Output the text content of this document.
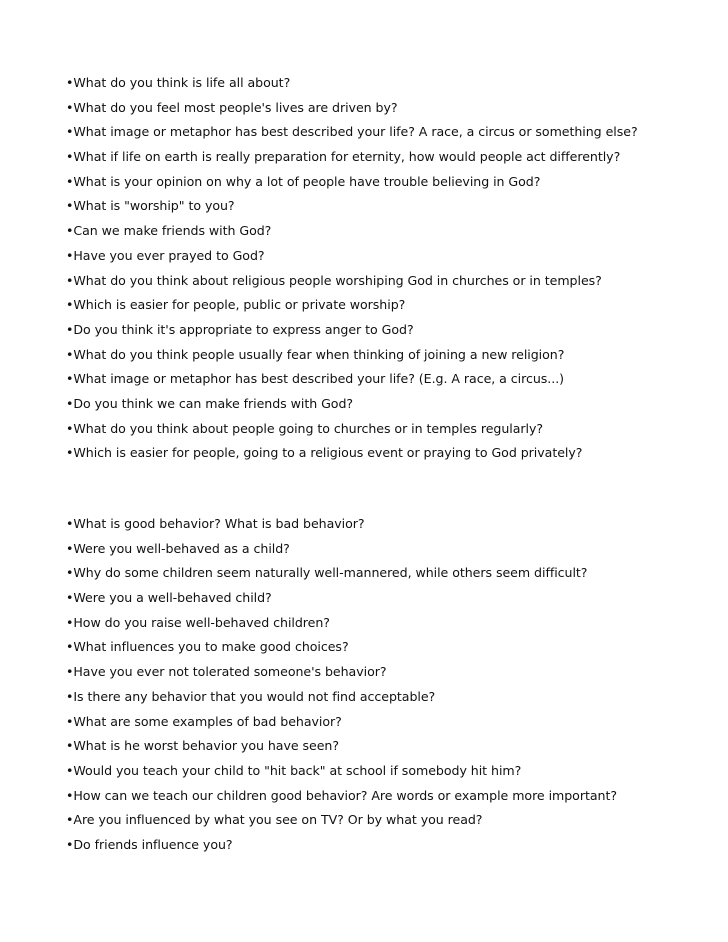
•What do you think is life all about?
•What do you feel most people's lives are driven by?
•What image or metaphor has best described your life? A race, a circus or something else?
•What if life on earth is really preparation for eternity, how would people act differently?
•What is your opinion on why a lot of people have trouble believing in God?
•What is "worship" to you?
•Can we make friends with God?
•Have you ever prayed to God?
•What do you think about religious people worshiping God in churches or in temples?
•Which is easier for people, public or private worship?
•Do you think it's appropriate to express anger to God?
•What do you think people usually fear when thinking of joining a new religion?
•What image or metaphor has best described your life? (E.g. A race, a circus...)
•Do you think we can make friends with God?
•What do you think about people going to churches or in temples regularly?
•Which is easier for people, going to a religious event or praying to God privately?
•What is good behavior? What is bad behavior?
•Were you well-behaved as a child?
•Why do some children seem naturally well-mannered, while others seem difficult?
•Were you a well-behaved child?
•How do you raise well-behaved children?
•What influences you to make good choices?
•Have you ever not tolerated someone's behavior?
•Is there any behavior that you would not find acceptable?
•What are some examples of bad behavior?
•What is he worst behavior you have seen?
•Would you teach your child to "hit back" at school if somebody hit him?
•How can we teach our children good behavior? Are words or example more important?
•Are you influenced by what you see on TV? Or by what you read?
•Do friends influence you?
